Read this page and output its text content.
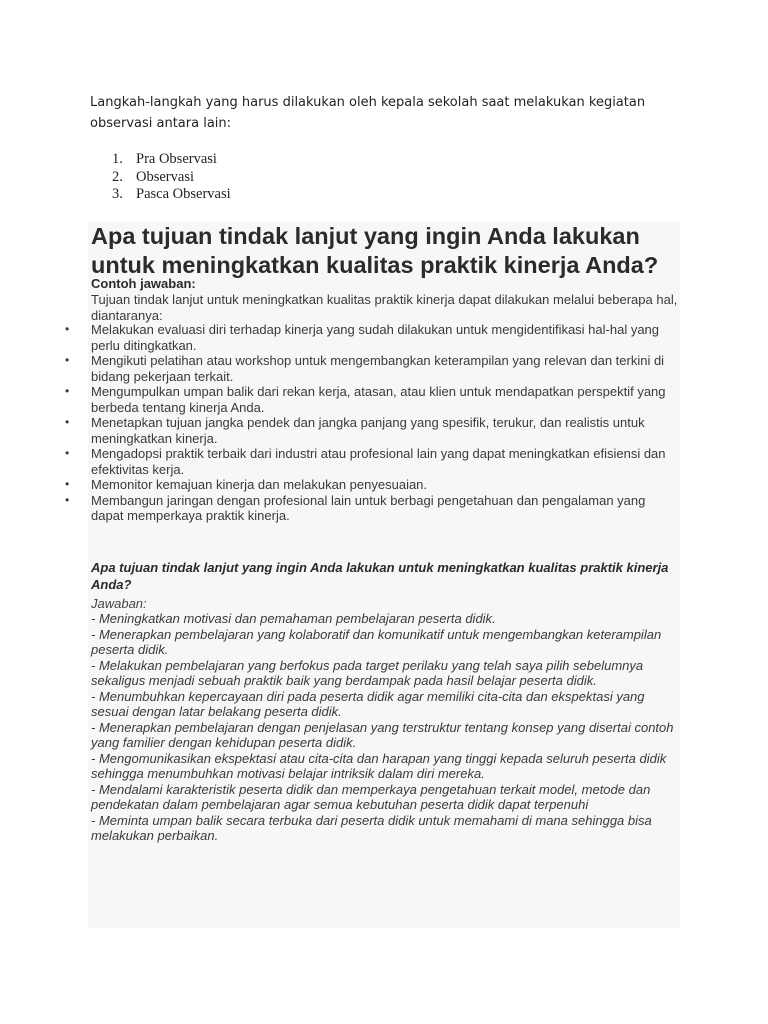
Langkah-langkah yang harus dilakukan oleh kepala sekolah saat melakukan kegiatan observasi antara lain:
1. Pra Observasi
2. Observasi
3. Pasca Observasi
Apa tujuan tindak lanjut yang ingin Anda lakukan untuk meningkatkan kualitas praktik kinerja Anda?
Contoh jawaban:
Tujuan tindak lanjut untuk meningkatkan kualitas praktik kinerja dapat dilakukan melalui beberapa hal, diantaranya:
• Melakukan evaluasi diri terhadap kinerja yang sudah dilakukan untuk mengidentifikasi hal-hal yang perlu ditingkatkan.
• Mengikuti pelatihan atau workshop untuk mengembangkan keterampilan yang relevan dan terkini di bidang pekerjaan terkait.
• Mengumpulkan umpan balik dari rekan kerja, atasan, atau klien untuk mendapatkan perspektif yang berbeda tentang kinerja Anda.
• Menetapkan tujuan jangka pendek dan jangka panjang yang spesifik, terukur, dan realistis untuk meningkatkan kinerja.
• Mengadopsi praktik terbaik dari industri atau profesional lain yang dapat meningkatkan efisiensi dan efektivitas kerja.
• Memonitor kemajuan kinerja dan melakukan penyesuaian.
• Membangun jaringan dengan profesional lain untuk berbagi pengetahuan dan pengalaman yang dapat memperkaya praktik kinerja.
Apa tujuan tindak lanjut yang ingin Anda lakukan untuk meningkatkan kualitas praktik kinerja Anda?
Jawaban:
- Meningkatkan motivasi dan pemahaman pembelajaran peserta didik.
- Menerapkan pembelajaran yang kolaboratif dan komunikatif untuk mengembangkan keterampilan peserta didik.
- Melakukan pembelajaran yang berfokus pada target perilaku yang telah saya pilih sebelumnya sekaligus menjadi sebuah praktik baik yang berdampak pada hasil belajar peserta didik.
- Menumbuhkan kepercayaan diri pada peserta didik agar memiliki cita-cita dan ekspektasi yang sesuai dengan latar belakang peserta didik.
- Menerapkan pembelajaran dengan penjelasan yang terstruktur tentang konsep yang disertai contoh yang familier dengan kehidupan peserta didik.
- Mengomunikasikan ekspektasi atau cita-cita dan harapan yang tinggi kepada seluruh peserta didik sehingga menumbuhkan motivasi belajar intriksik dalam diri mereka.
- Mendalami karakteristik peserta didik dan memperkaya pengetahuan terkait model, metode dan pendekatan dalam pembelajaran agar semua kebutuhan peserta didik dapat terpenuhi
- Meminta umpan balik secara terbuka dari peserta didik untuk memahami di mana sehingga bisa melakukan perbaikan.
